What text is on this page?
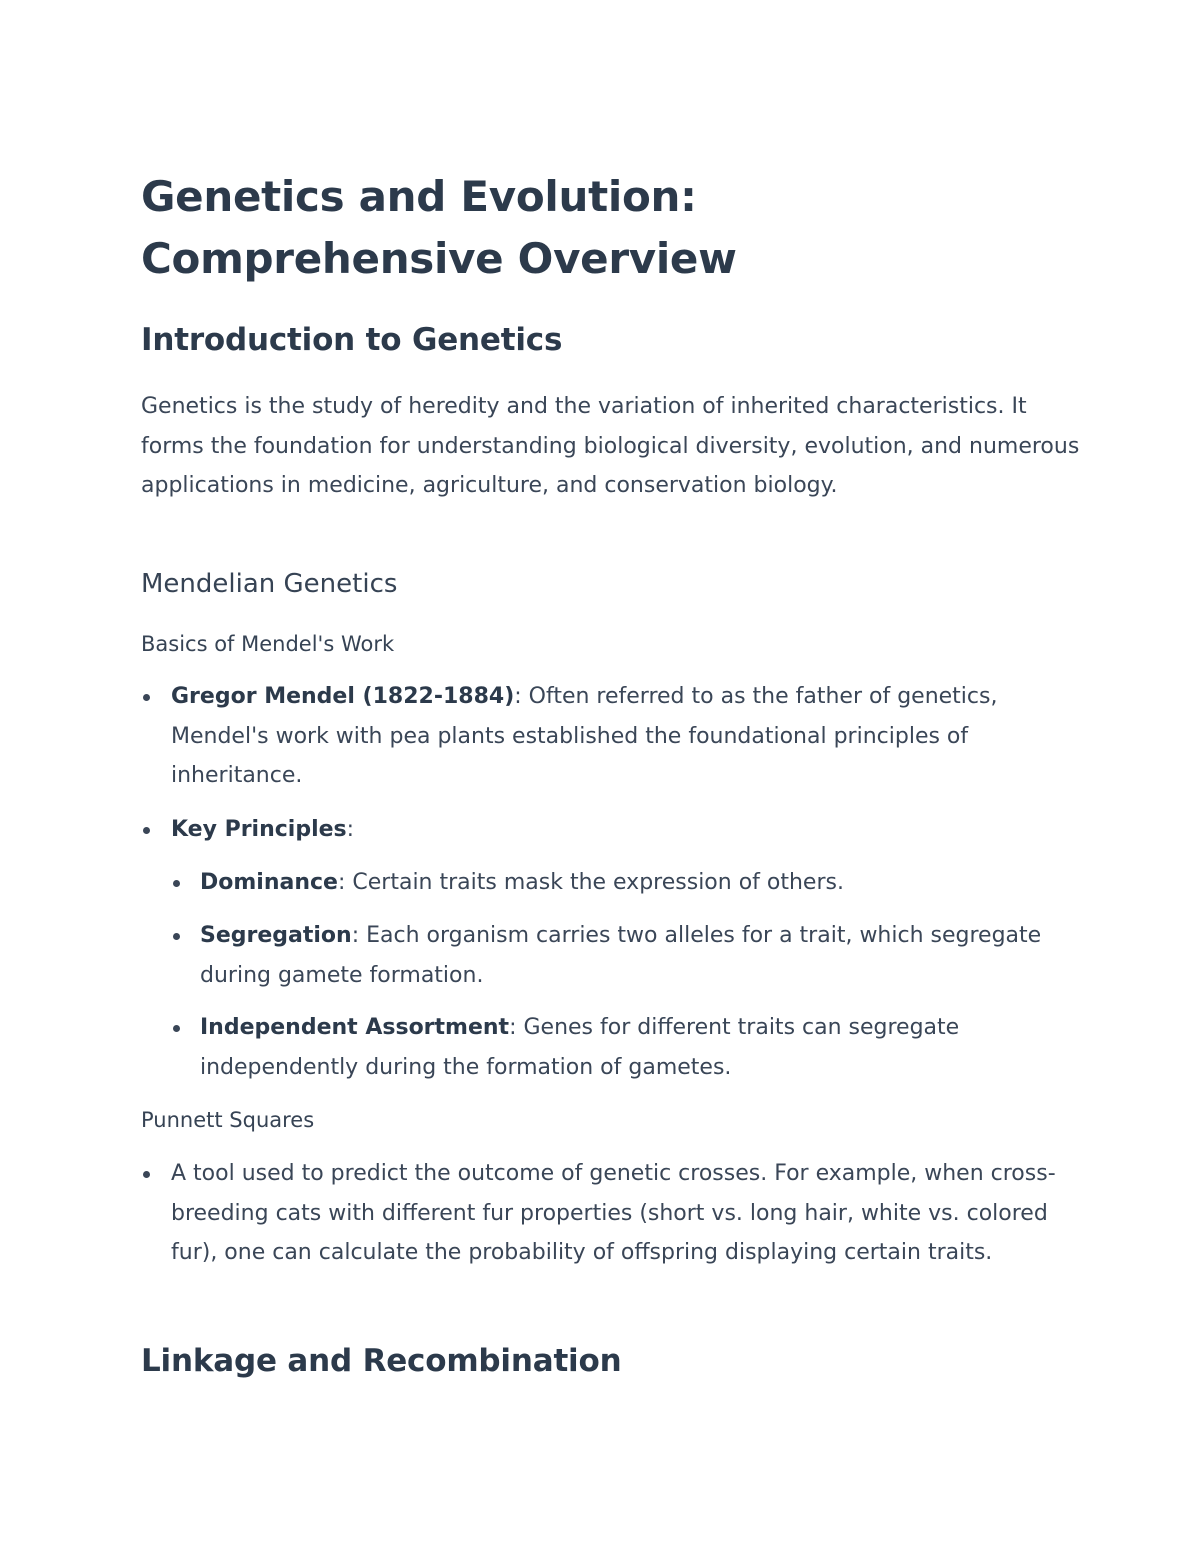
Genetics and Evolution: Comprehensive Overview
Introduction to Genetics

Genetics is the study of heredity and the variation of inherited characteristics. It forms the foundation for understanding biological diversity, evolution, and numerous applications in medicine, agriculture, and conservation biology.

Mendelian Genetics
Basics of Mendel's Work

Gregor Mendel (1822-1884): Often referred to as the father of genetics, Mendel's work with pea plants established the foundational principles of inheritance.

Key Principles:

Dominance: Certain traits mask the expression of others.

Segregation: Each organism carries two alleles for a trait, which segregate during gamete formation.

Independent Assortment: Genes for different traits can segregate independently during the formation of gametes.

Punnett Squares

A tool used to predict the outcome of genetic crosses. For example, when cross-breeding cats with different fur properties (short vs. long hair, white vs. colored fur), one can calculate the probability of offspring displaying certain traits.

Linkage and Recombination
